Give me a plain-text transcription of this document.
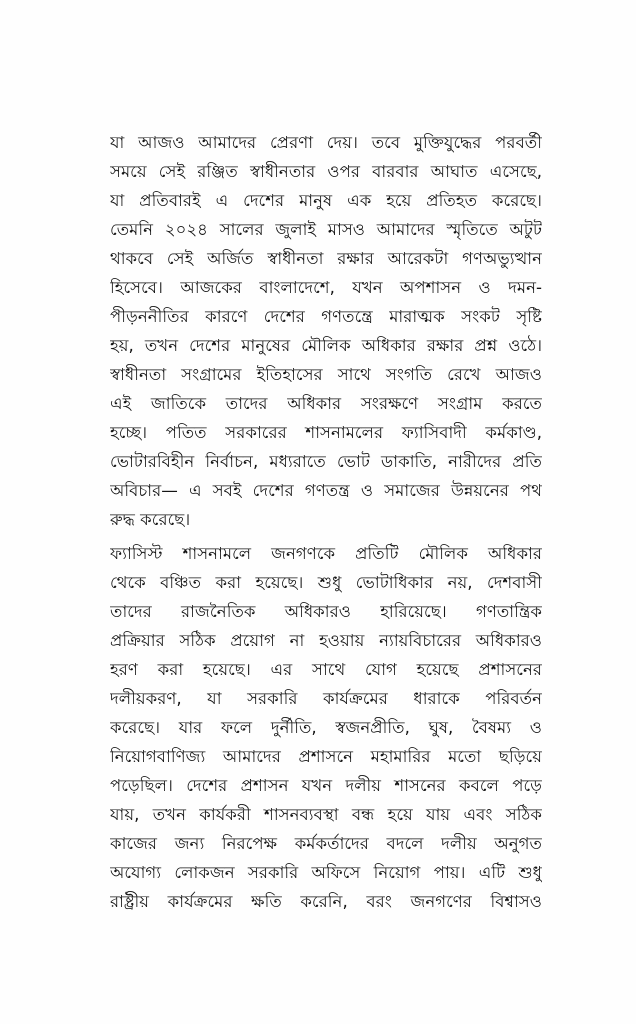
যা আজও আমাদের প্রেরণা দেয়। তবে মুক্তিযুদ্ধের পরবর্তী
সময়ে সেই রঞ্জিত স্বাধীনতার ওপর বারবার আঘাত এসেছে,
যা প্রতিবারই এ দেশের মানুষ এক হয়ে প্রতিহত করেছে।
তেমনি ২০২৪ সালের জুলাই মাসও আমাদের স্মৃতিতে অটুট
থাকবে সেই অর্জিত স্বাধীনতা রক্ষার আরেকটা গণঅভ্যুত্থান
হিসেবে। আজকের বাংলাদেশে, যখন অপশাসন ও দমন-
পীড়ননীতির কারণে দেশের গণতন্ত্রে মারাত্মক সংকট সৃষ্টি
হয়, তখন দেশের মানুষের মৌলিক অধিকার রক্ষার প্রশ্ন ওঠে।
স্বাধীনতা সংগ্রামের ইতিহাসের সাথে সংগতি রেখে আজও
এই জাতিকে তাদের অধিকার সংরক্ষণে সংগ্রাম করতে
হচ্ছে। পতিত সরকারের শাসনামলের ফ্যাসিবাদী কর্মকাণ্ড,
ভোটারবিহীন নির্বাচন, মধ্যরাতে ভোট ডাকাতি, নারীদের প্রতি
অবিচার— এ সবই দেশের গণতন্ত্র ও সমাজের উন্নয়নের পথ
রুদ্ধ করেছে।
ফ্যাসিস্ট শাসনামলে জনগণকে প্রতিটি মৌলিক অধিকার
থেকে বঞ্চিত করা হয়েছে। শুধু ভোটাধিকার নয়, দেশবাসী
তাদের রাজনৈতিক অধিকারও হারিয়েছে। গণতান্ত্রিক
প্রক্রিয়ার সঠিক প্রয়োগ না হওয়ায় ন্যায়বিচারের অধিকারও
হরণ করা হয়েছে। এর সাথে যোগ হয়েছে প্রশাসনের
দলীয়করণ, যা সরকারি কার্যক্রমের ধারাকে পরিবর্তন
করেছে। যার ফলে দুর্নীতি, স্বজনপ্রীতি, ঘুষ, বৈষম্য ও
নিয়োগবাণিজ্য আমাদের প্রশাসনে মহামারির মতো ছড়িয়ে
পড়েছিল। দেশের প্রশাসন যখন দলীয় শাসনের কবলে পড়ে
যায়, তখন কার্যকরী শাসনব্যবস্থা বন্ধ হয়ে যায় এবং সঠিক
কাজের জন্য নিরপেক্ষ কর্মকর্তাদের বদলে দলীয় অনুগত
অযোগ্য লোকজন সরকারি অফিসে নিয়োগ পায়। এটি শুধু
রাষ্ট্রীয় কার্যক্রমের ক্ষতি করেনি, বরং জনগণের বিশ্বাসও
